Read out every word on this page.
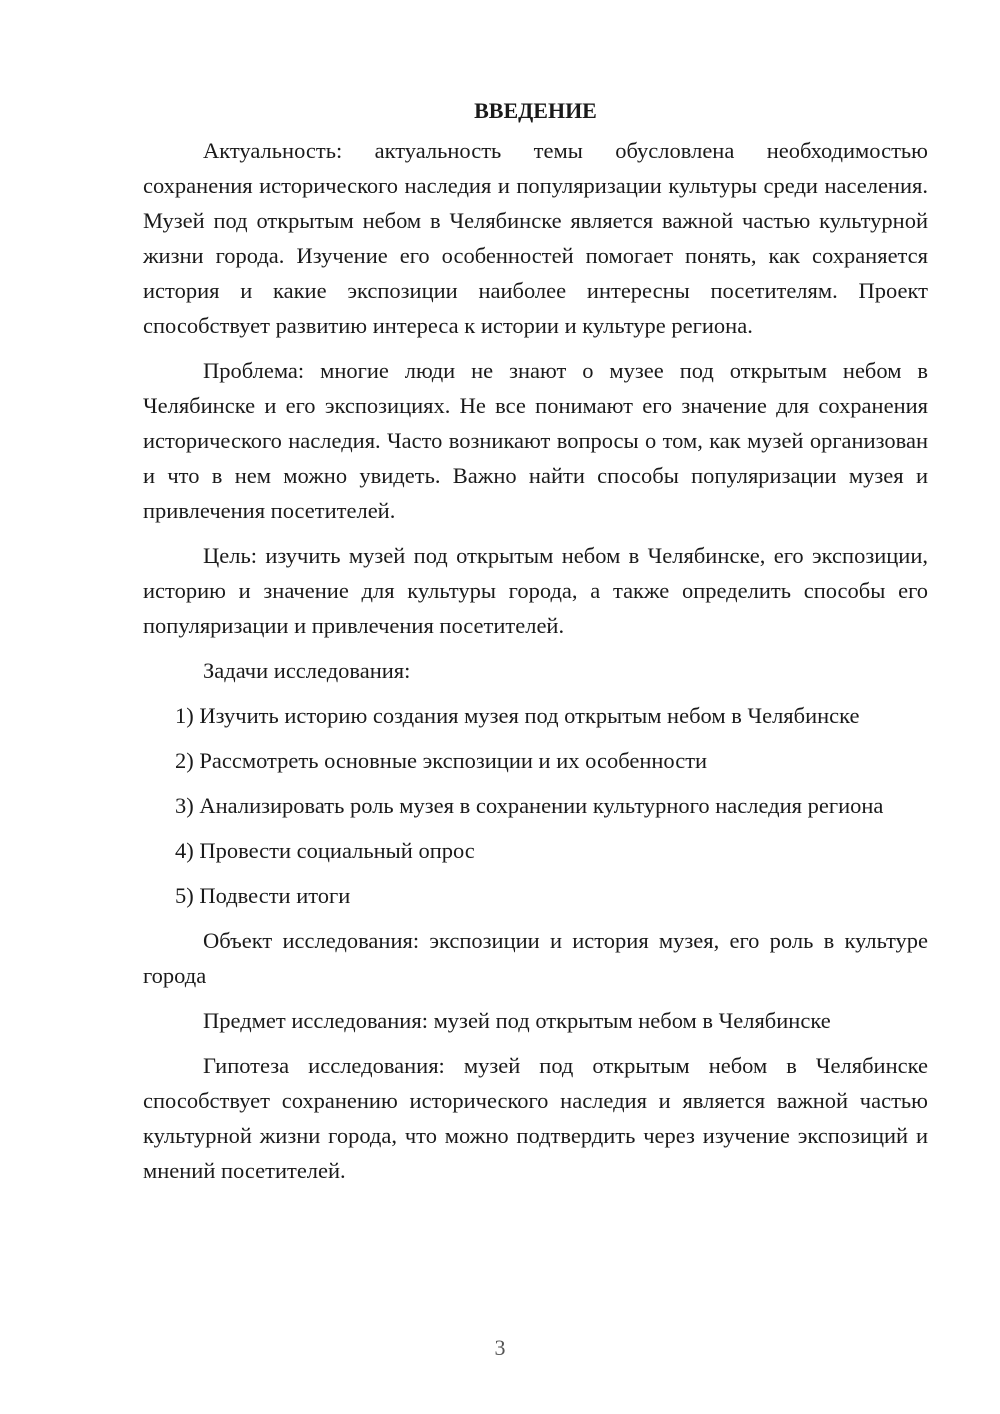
ВВЕДЕНИЕ

Актуальность: актуальность темы обусловлена необходимостью сохранения исторического наследия и популяризации культуры среди населения. Музей под открытым небом в Челябинске является важной частью культурной жизни города. Изучение его особенностей помогает понять, как сохраняется история и какие экспозиции наиболее интересны посетителям. Проект способствует развитию интереса к истории и культуре региона.

Проблема: многие люди не знают о музее под открытым небом в Челябинске и его экспозициях. Не все понимают его значение для сохранения исторического наследия. Часто возникают вопросы о том, как музей организован и что в нем можно увидеть. Важно найти способы популяризации музея и привлечения посетителей.

Цель: изучить музей под открытым небом в Челябинске, его экспозиции, историю и значение для культуры города, а также определить способы его популяризации и привлечения посетителей.

Задачи исследования:

1) Изучить историю создания музея под открытым небом в Челябинске

2) Рассмотреть основные экспозиции и их особенности

3) Анализировать роль музея в сохранении культурного наследия региона

4) Провести социальный опрос

5) Подвести итоги

Объект исследования: экспозиции и история музея, его роль в культуре города

Предмет исследования: музей под открытым небом в Челябинске

Гипотеза исследования: музей под открытым небом в Челябинске способствует сохранению исторического наследия и является важной частью культурной жизни города, что можно подтвердить через изучение экспозиций и мнений посетителей.

3
